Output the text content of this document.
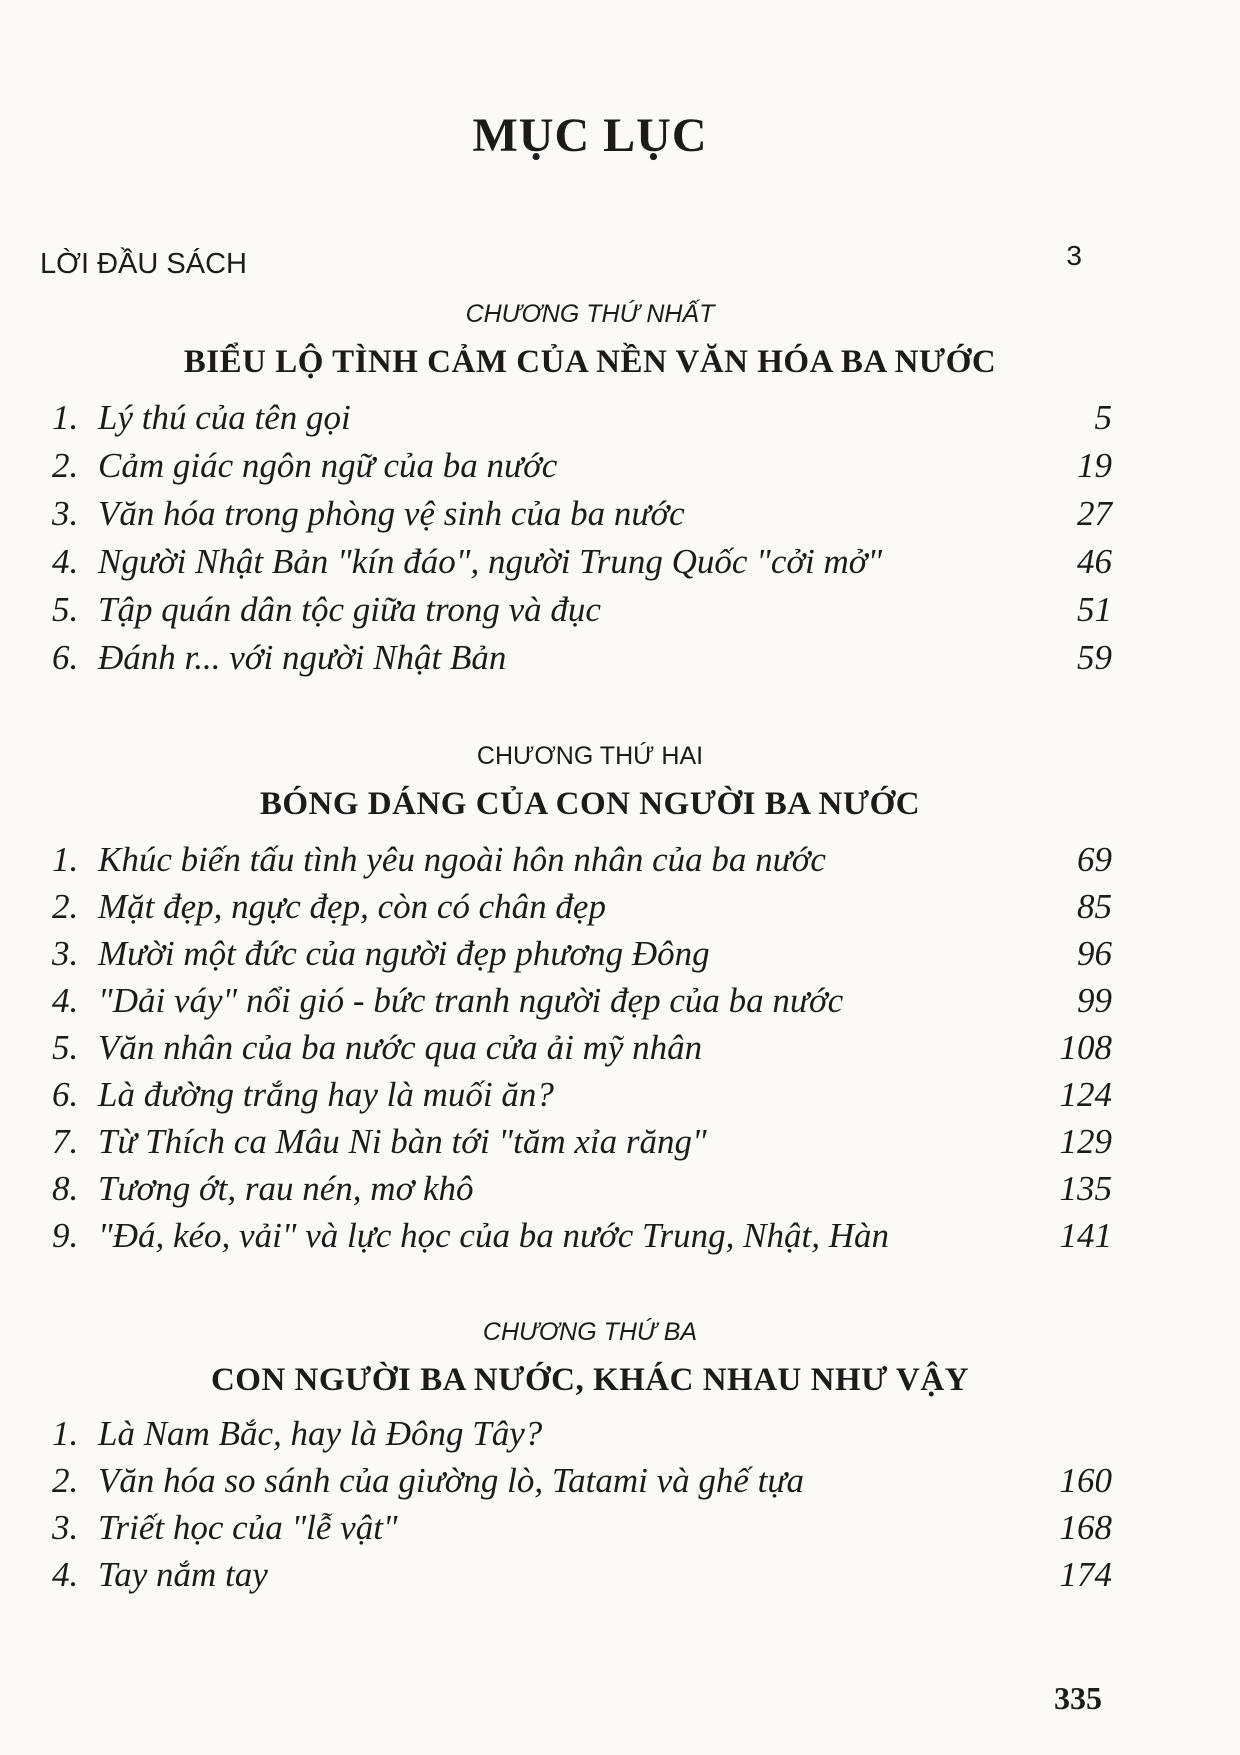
MỤC LỤC
LỜI ĐẦU SÁCH	3
CHƯƠNG THỨ NHẤT
BIỂU LỘ TÌNH CẢM CỦA NỀN VĂN HÓA BA NƯỚC
1. Lý thú của tên gọi	5
2. Cảm giác ngôn ngữ của ba nước	19
3. Văn hóa trong phòng vệ sinh của ba nước	27
4. Người Nhật Bản "kín đáo", người Trung Quốc "cởi mở"	46
5. Tập quán dân tộc giữa trong và đục	51
6. Đánh r... với người Nhật Bản	59
CHƯƠNG THỨ HAI
BÓNG DÁNG CỦA CON NGƯỜI BA NƯỚC
1. Khúc biến tấu tình yêu ngoài hôn nhân của ba nước	69
2. Mặt đẹp, ngực đẹp, còn có chân đẹp	85
3. Mười một đức của người đẹp phương Đông	96
4. "Dải váy" nổi gió - bức tranh người đẹp của ba nước	99
5. Văn nhân của ba nước qua cửa ải mỹ nhân	108
6. Là đường trắng hay là muối ăn?	124
7. Từ Thích ca Mâu Ni bàn tới "tăm xỉa răng"	129
8. Tương ớt, rau nén, mơ khô	135
9. "Đá, kéo, vải" và lực học của ba nước Trung, Nhật, Hàn	141
CHƯƠNG THỨ BA
CON NGƯỜI BA NƯỚC, KHÁC NHAU NHƯ VẬY
1. Là Nam Bắc, hay là Đông Tây?
2. Văn hóa so sánh của giường lò, Tatami và ghế tựa	160
3. Triết học của "lễ vật"	168
4. Tay nắm tay	174
335
